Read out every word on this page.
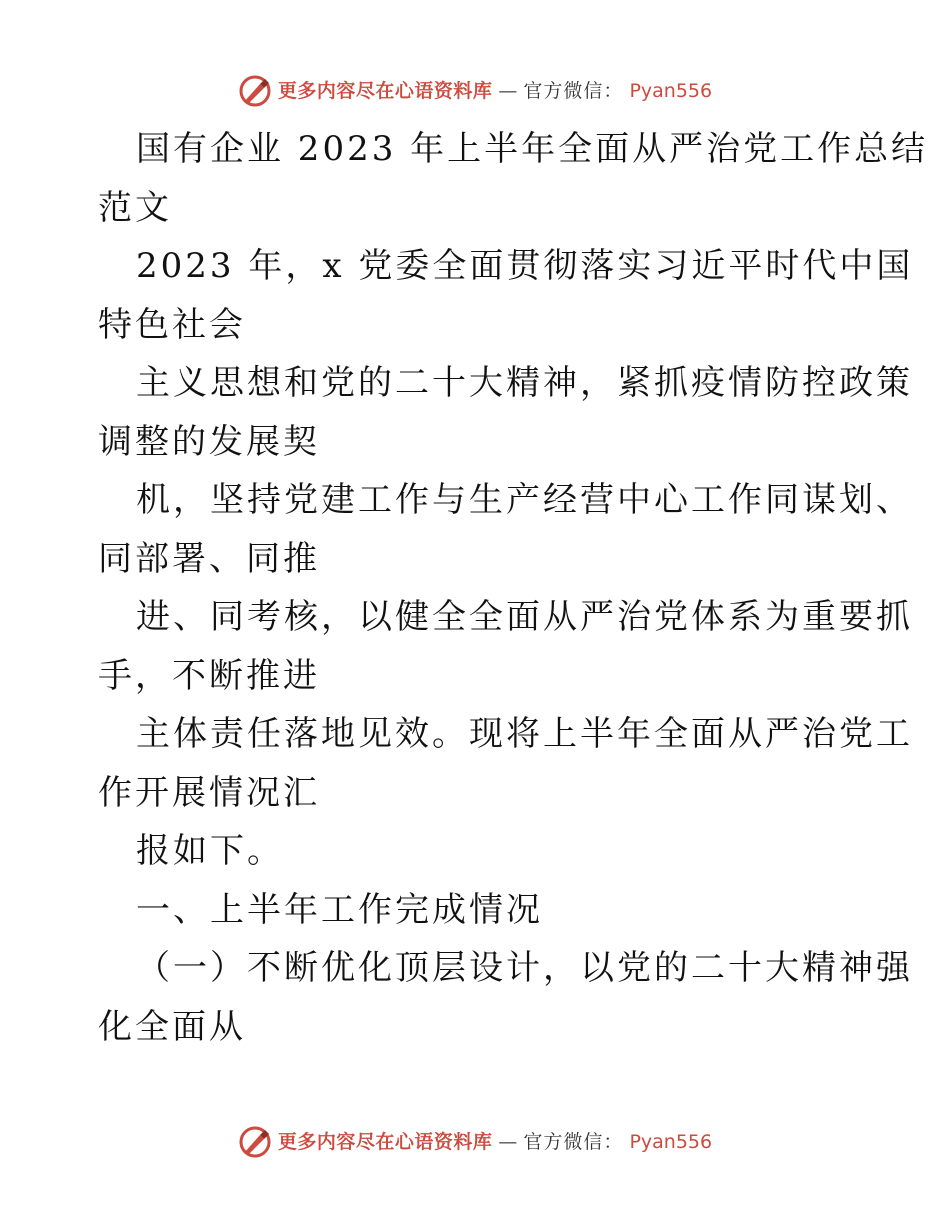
更多内容尽在心语资料库 — 官方微信： Pyan556
国有企业 2023 年上半年全面从严治党工作总结
范文
2023 年，x 党委全面贯彻落实习近平时代中国
特色社会
主义思想和党的二十大精神，紧抓疫情防控政策
调整的发展契
机，坚持党建工作与生产经营中心工作同谋划、
同部署、同推
进、同考核，以健全全面从严治党体系为重要抓
手，不断推进
主体责任落地见效。现将上半年全面从严治党工
作开展情况汇
报如下。
一、上半年工作完成情况
（一）不断优化顶层设计，以党的二十大精神强
化全面从
更多内容尽在心语资料库 — 官方微信： Pyan556
